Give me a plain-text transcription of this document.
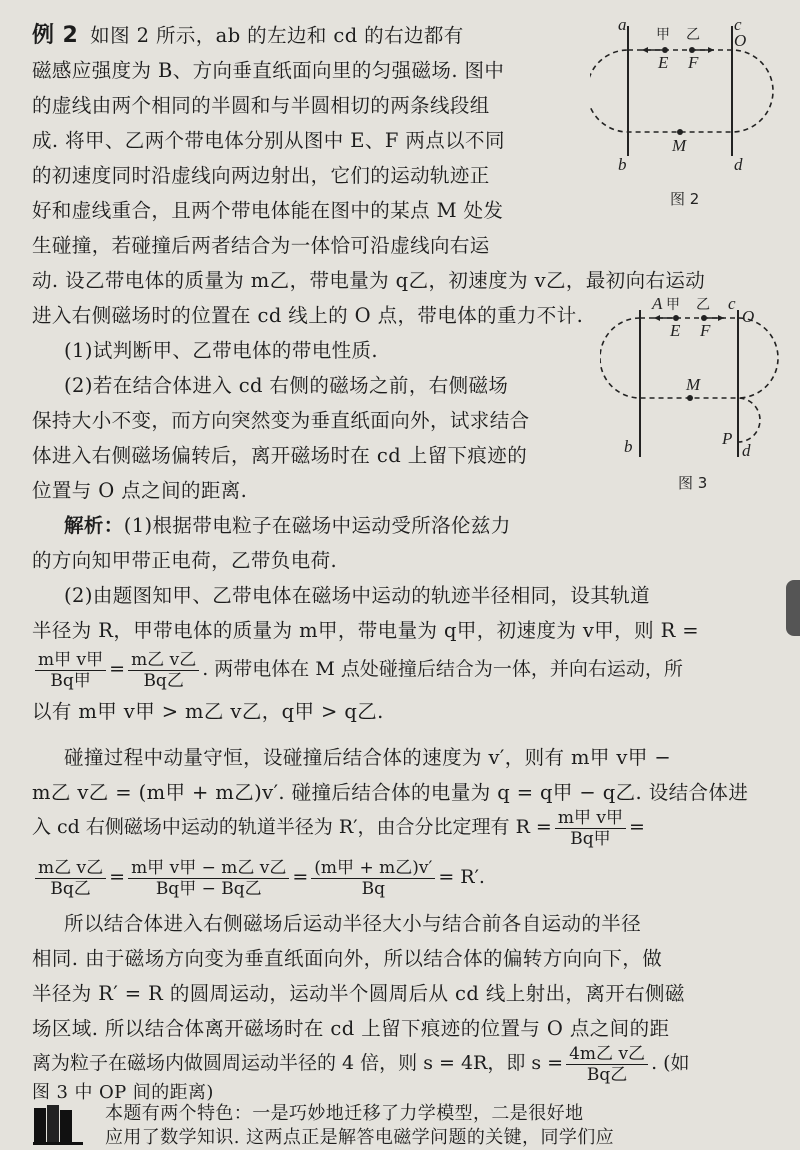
例 2 如图 2 所示，ab 的左边和 cd 的右边都有

磁感应强度为 B、方向垂直纸面向里的匀强磁场. 图中

的虚线由两个相同的半圆和与半圆相切的两条线段组

成. 将甲、乙两个带电体分别从图中 E、F 两点以不同

的初速度同时沿虚线向两边射出，它们的运动轨迹正

好和虚线重合，且两个带电体能在图中的某点 M 处发

生碰撞，若碰撞后两者结合为一体恰可沿虚线向右运

动. 设乙带电体的质量为 m乙，带电量为 q乙，初速度为 v乙，最初向右运动

进入右侧磁场时的位置在 cd 线上的 O 点，带电体的重力不计.

(1)试判断甲、乙带电体的带电性质.

(2)若在结合体进入 cd 右侧的磁场之前，右侧磁场

保持大小不变，而方向突然变为垂直纸面向外，试求结合

体进入右侧磁场偏转后，离开磁场时在 cd 上留下痕迹的

位置与 O 点之间的距离.

解析：(1)根据带电粒子在磁场中运动受所洛伦兹力

的方向知甲带正电荷，乙带负电荷.

(2)由题图知甲、乙带电体在磁场中运动的轨迹半径相同，设其轨道

半径为 R，甲带电体的质量为 m甲，带电量为 q甲，初速度为 v甲，则 R =

$\frac{\text{m甲 v甲}}{\text{Bq甲}} = \frac{\text{m乙 v乙}}{\text{Bq乙}}$ . 两带电体在 M 点处碰撞后结合为一体，并向右运动，所

以有 m甲 v甲 > m乙 v乙，q甲 > q乙.

碰撞过程中动量守恒，设碰撞后结合体的速度为 v′，则有 m甲 v甲 −

m乙 v乙 = (m甲 + m乙)v′. 碰撞后结合体的电量为 q = q甲 − q乙. 设结合体进

入 cd 右侧磁场中运动的轨道半径为 R′，由合分比定理有 $R = \frac{\text{m甲 v甲}}{\text{Bq甲}}$ =
$\frac{\text{m乙 v乙}}{\text{Bq乙}} = \frac{\text{m甲 v甲 − m乙 v乙}}{\text{Bq甲 − Bq乙}} = \frac{\text{(m甲 + m乙)v′}}{Bq} = R'$.

所以结合体进入右侧磁场后运动半径大小与结合前各自运动的半径

相同. 由于磁场方向变为垂直纸面向外，所以结合体的偏转方向向下，做

半径为 R′ = R 的圆周运动，运动半个圆周后从 cd 线上射出，离开右侧磁

场区域. 所以结合体离开磁场时在 cd 上留下痕迹的位置与 O 点之间的距

离为粒子在磁场内做圆周运动半径的 4 倍，则 s = 4R，即 $s = \frac{\text{4m乙 v乙}}{\text{Bq乙}}$ . (如

图 3 中 OP 间的距离)

本题有两个特色：一是巧妙地迁移了力学模型，二是很好地

应用了数学知识. 这两点正是解答电磁学问题的关键，同学们应

a
b
c
O
d
甲 乙
E F
M
图 2
A 甲 乙 c
O
E F
M
P
b	d
图 3
